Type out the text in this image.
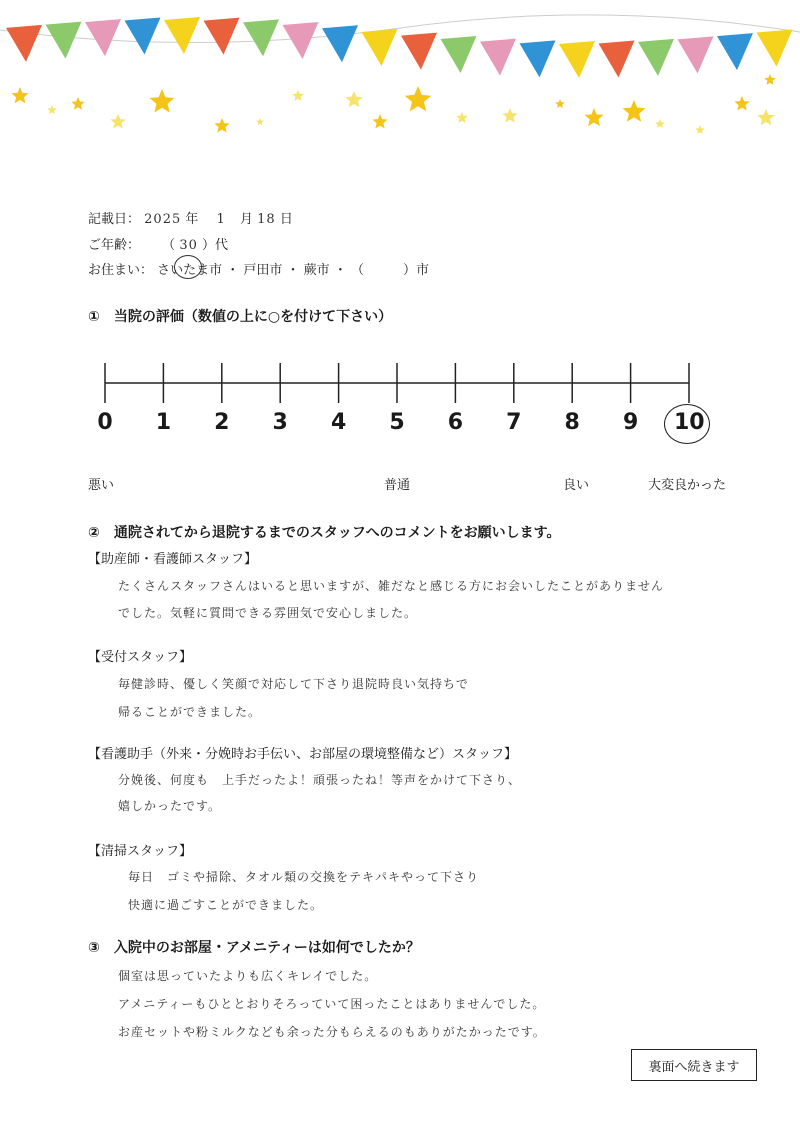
記載日： 2025 年 1 月 18 日
ご年齢： （ 30 ）代
お住まい： さいたま市 ・ 戸田市 ・ 蕨市 ・ （　　　）市
①　当院の評価（数値の上に○を付けて下さい）
0	1	2	3	4	5	6	7	8	9	10
悪い	普通	良い	大変良かった
②　通院されてから退院するまでのスタッフへのコメントをお願いします。
【助産師・看護師スタッフ】
たくさんスタッフさんはいると思いますが、雑だなと感じる方にお会いしたことがありません
でした。気軽に質問できる雰囲気で安心しました。
【受付スタッフ】
毎健診時、優しく笑顔で対応して下さり退院時良い気持ちで
帰ることができました。
【看護助手（外来・分娩時お手伝い、お部屋の環境整備など）スタッフ】
分娩後、何度も　上手だったよ！頑張ったね！等声をかけて下さり、
嬉しかったです。
【清掃スタッフ】
毎日　ゴミや掃除、タオル類の交換をテキパキやって下さり
快適に過ごすことができました。
③　入院中のお部屋・アメニティーは如何でしたか？
個室は思っていたよりも広くキレイでした。
アメニティーもひととおりそろっていて困ったことはありませんでした。
お産セットや粉ミルクなども余った分もらえるのもありがたかったです。
裏面へ続きます
